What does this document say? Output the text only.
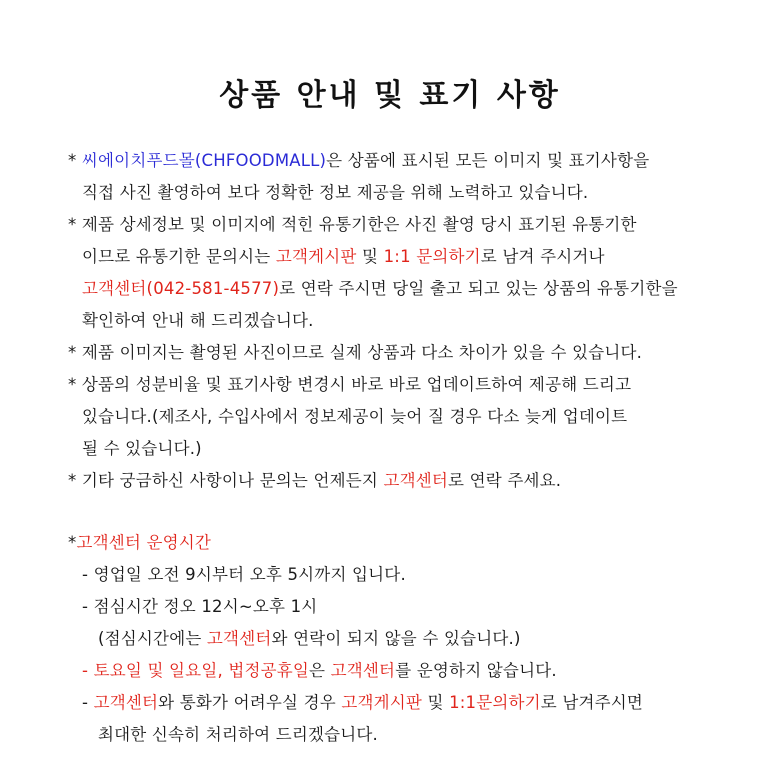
상품 안내 및 표기 사항
* 씨에이치푸드몰(CHFOODMALL)은 상품에 표시된 모든 이미지 및 표기사항을
직접 사진 촬영하여 보다 정확한 정보 제공을 위해 노력하고 있습니다.
* 제품 상세정보 및 이미지에 적힌 유통기한은 사진 촬영 당시 표기된 유통기한
이므로 유통기한 문의시는 고객게시판 및 1:1 문의하기로 남겨 주시거나
고객센터(042-581-4577)로 연락 주시면 당일 출고 되고 있는 상품의 유통기한을
확인하여 안내 해 드리겠습니다.
* 제품 이미지는 촬영된 사진이므로 실제 상품과 다소 차이가 있을 수 있습니다.
* 상품의 성분비율 및 표기사항 변경시 바로 바로 업데이트하여 제공해 드리고
있습니다.(제조사, 수입사에서 정보제공이 늦어 질 경우 다소 늦게 업데이트
될 수 있습니다.)
* 기타 궁금하신 사항이나 문의는 언제든지 고객센터로 연락 주세요.
*고객센터 운영시간
- 영업일 오전 9시부터 오후 5시까지 입니다.
- 점심시간 정오 12시~오후 1시
(점심시간에는 고객센터와 연락이 되지 않을 수 있습니다.)
- 토요일 및 일요일, 법정공휴일은 고객센터를 운영하지 않습니다.
- 고객센터와 통화가 어려우실 경우 고객게시판 및 1:1문의하기로 남겨주시면
최대한 신속히 처리하여 드리겠습니다.
